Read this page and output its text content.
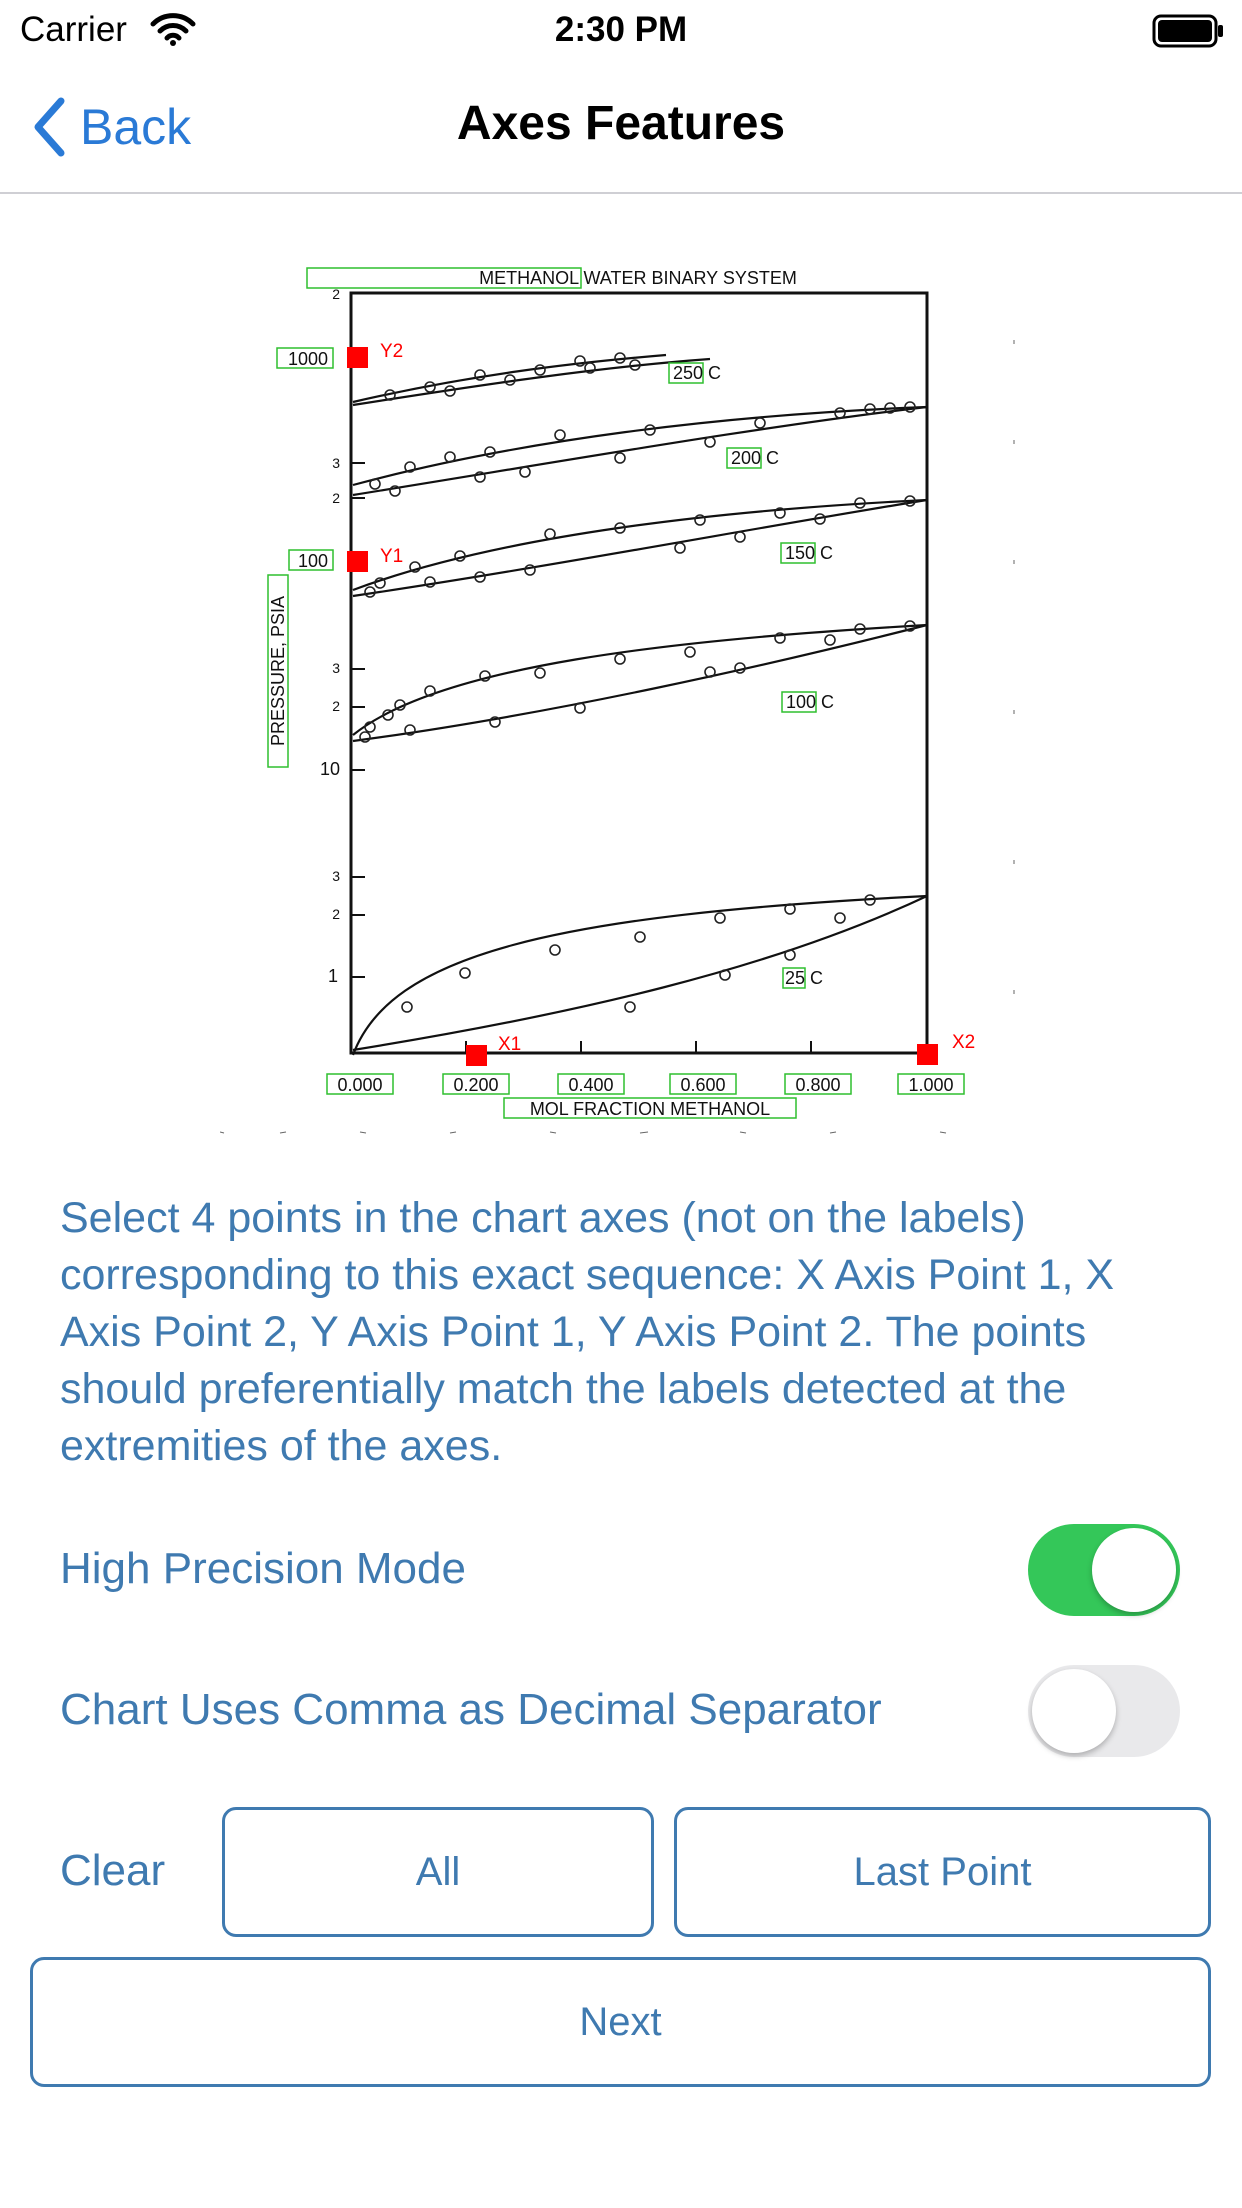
Carrier	2:30 PM
Back	Axes Features
METHANOL WATER BINARY SYSTEM
2
1000
100
10
1
3
2
3
2
3
2
PRESSURE, PSIA
250 C
200 C
150 C
100 C
25 C
0.000	0.200	0.400	0.600	0.800	1.000
MOL FRACTION METHANOL
X1	X2
Y1
Y2
Select 4 points in the chart axes (not on the labels) corresponding to this exact sequence: X Axis Point 1, X Axis Point 2, Y Axis Point 1, Y Axis Point 2. The points should preferentially match the labels detected at the extremities of the axes.
High Precision Mode
Chart Uses Comma as Decimal Separator
Clear	All	Last Point
Next
